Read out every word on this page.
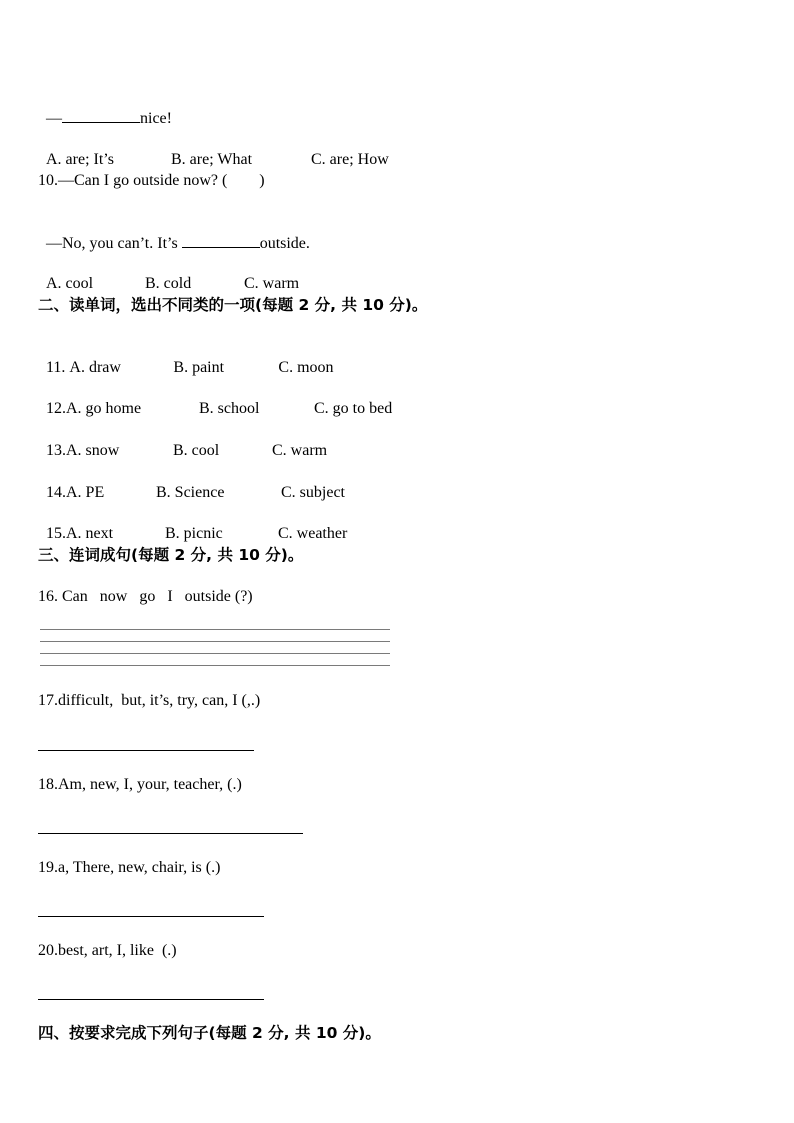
—	nice!

A. are; It’s	B. are; What	C. are; How

10.—Can I go outside now? (        )

—No, you can’t. It’s	outside.

A. cool	B. cold	C. warm

二、读单词，选出不同类的一项(每题 2 分, 共 10 分)。

11. A. draw	B. paint	C. moon

12.A. go home	B. school	C. go to bed

13.A. snow	B. cool	C. warm

14.A. PE	B. Science	C. subject

15.A. next	B. picnic	C. weather

三、连词成句(每题 2 分, 共 10 分)。
16. Can   now   go   I   outside (?)
17.difficult,  but, it’s, try, can, I (,.)
18.Am, new, I, your, teacher, (.)
19.a, There, new, chair, is (.)
20.best, art, I, like  (.)
四、按要求完成下列句子(每题 2 分, 共 10 分)。
